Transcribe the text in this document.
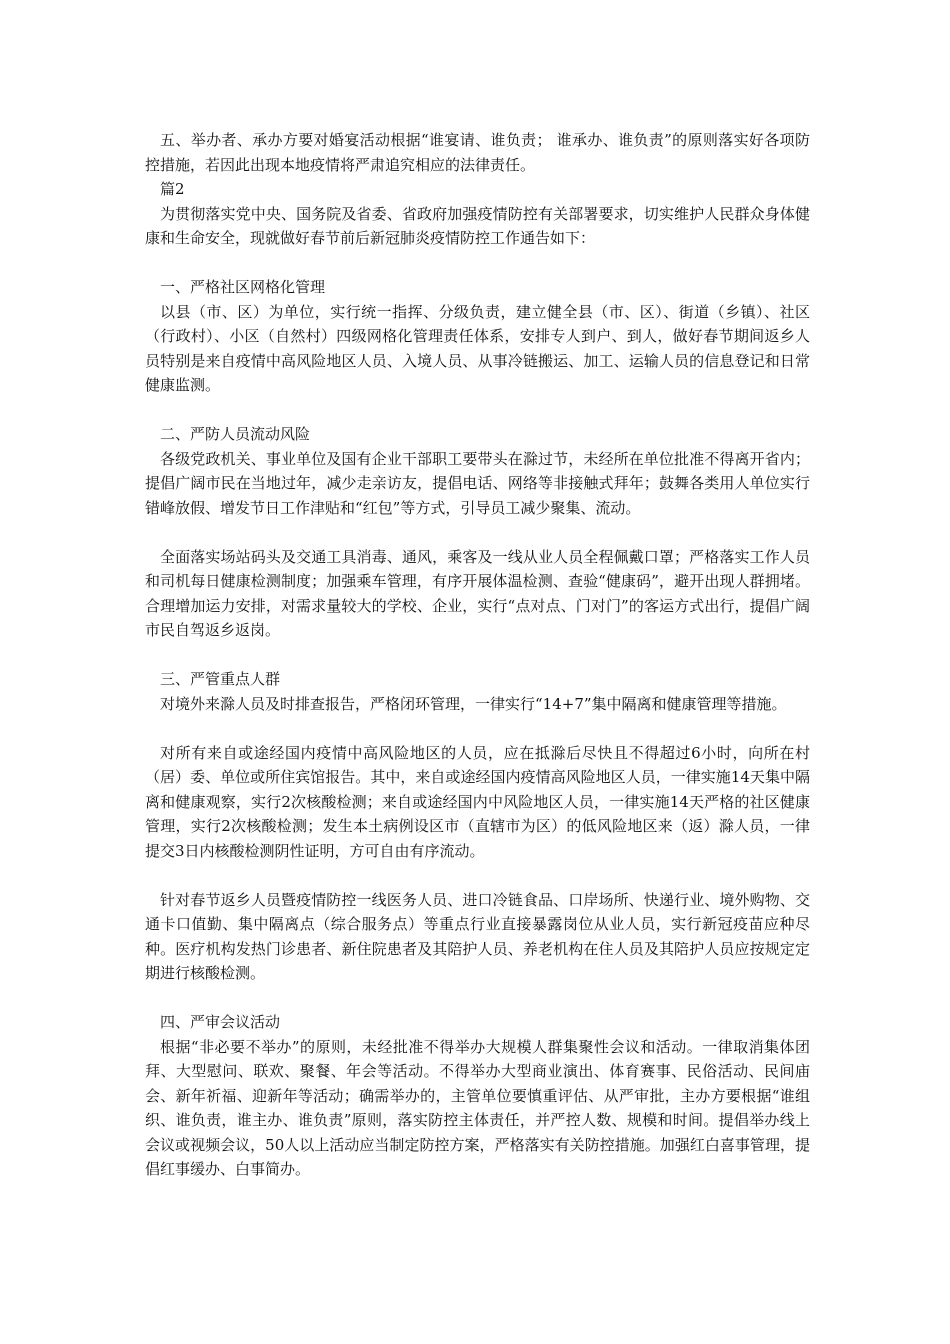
五、举办者、承办方要对婚宴活动根据“谁宴请、谁负责； 谁承办、谁负责”的原则落实好各项防控措施，若因此出现本地疫情将严肃追究相应的法律责任。

篇2

为贯彻落实党中央、国务院及省委、省政府加强疫情防控有关部署要求，切实维护人民群众身体健康和生命安全，现就做好春节前后新冠肺炎疫情防控工作通告如下：

一、严格社区网格化管理

以县（市、区）为单位，实行统一指挥、分级负责，建立健全县（市、区）、街道（乡镇）、社区（行政村）、小区（自然村）四级网格化管理责任体系，安排专人到户、到人，做好春节期间返乡人员特别是来自疫情中高风险地区人员、入境人员、从事冷链搬运、加工、运输人员的信息登记和日常健康监测。

二、严防人员流动风险

各级党政机关、事业单位及国有企业干部职工要带头在滁过节，未经所在单位批准不得离开省内；提倡广阔市民在当地过年，减少走亲访友，提倡电话、网络等非接触式拜年；鼓舞各类用人单位实行错峰放假、增发节日工作津贴和“红包”等方式，引导员工减少聚集、流动。

全面落实场站码头及交通工具消毒、通风，乘客及一线从业人员全程佩戴口罩；严格落实工作人员和司机每日健康检测制度；加强乘车管理，有序开展体温检测、查验“健康码”，避开出现人群拥堵。合理增加运力安排，对需求量较大的学校、企业，实行“点对点、门对门”的客运方式出行，提倡广阔市民自驾返乡返岗。

三、严管重点人群

对境外来滁人员及时排查报告，严格闭环管理，一律实行“14+7”集中隔离和健康管理等措施。

对所有来自或途经国内疫情中高风险地区的人员，应在抵滁后尽快且不得超过6小时，向所在村（居）委、单位或所住宾馆报告。其中，来自或途经国内疫情高风险地区人员，一律实施14天集中隔离和健康观察，实行2次核酸检测；来自或途经国内中风险地区人员，一律实施14天严格的社区健康管理，实行2次核酸检测；发生本土病例设区市（直辖市为区）的低风险地区来（返）滁人员，一律提交3日内核酸检测阴性证明，方可自由有序流动。

针对春节返乡人员暨疫情防控一线医务人员、进口冷链食品、口岸场所、快递行业、境外购物、交通卡口值勤、集中隔离点（综合服务点）等重点行业直接暴露岗位从业人员，实行新冠疫苗应种尽种。医疗机构发热门诊患者、新住院患者及其陪护人员、养老机构在住人员及其陪护人员应按规定定期进行核酸检测。

四、严审会议活动

根据“非必要不举办”的原则，未经批准不得举办大规模人群集聚性会议和活动。一律取消集体团拜、大型慰问、联欢、聚餐、年会等活动。不得举办大型商业演出、体育赛事、民俗活动、民间庙会、新年祈福、迎新年等活动；确需举办的，主管单位要慎重评估、从严审批，主办方要根据“谁组织、谁负责，谁主办、谁负责”原则，落实防控主体责任，并严控人数、规模和时间。提倡举办线上会议或视频会议，50人以上活动应当制定防控方案，严格落实有关防控措施。加强红白喜事管理，提倡红事缓办、白事简办。
